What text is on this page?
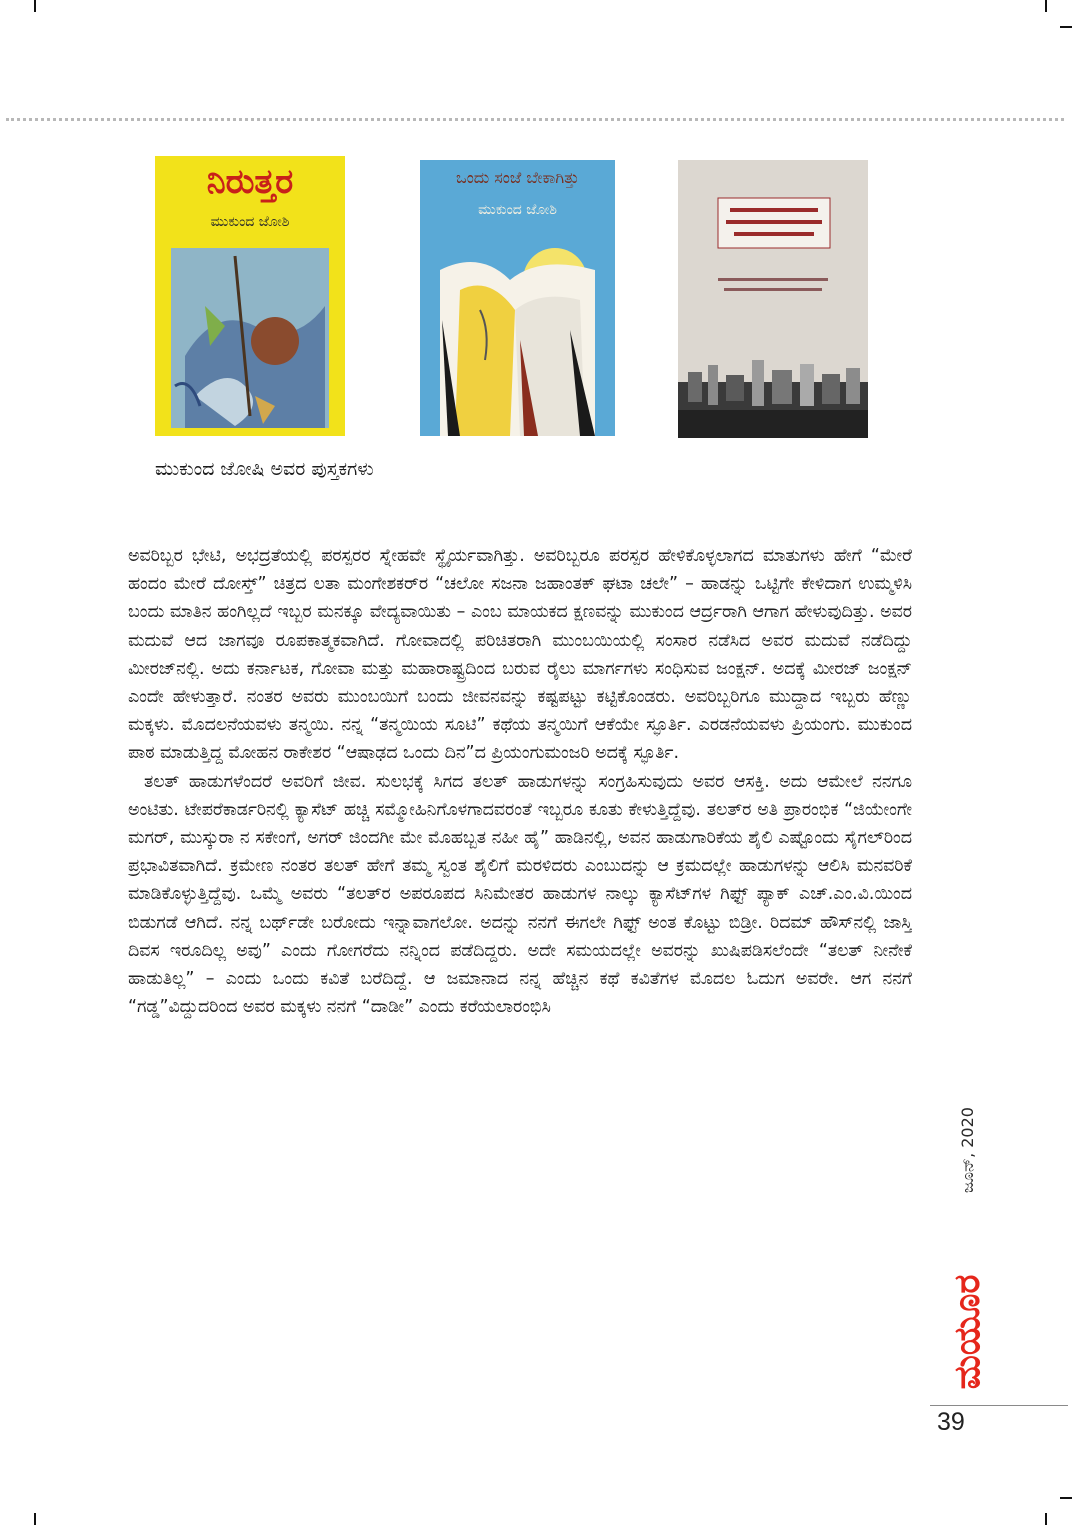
ನಿರುತ್ತರ
ಮುಕುಂದ ಜೋಶಿ
ಒಂದು ಸಂಜೆ ಬೇಕಾಗಿತ್ತು
ಮುಕುಂದ ಜೋಶಿ
ಮುಕುಂದ ಜೋಷಿ ಅವರ ಪುಸ್ತಕಗಳು

ಅವರಿಬ್ಬರ ಭೇಟಿ, ಅಭದ್ರತೆಯಲ್ಲಿ ಪರಸ್ಪರರ ಸ್ನೇಹವೇ ಸ್ಥೈರ್ಯವಾಗಿತ್ತು. ಅವರಿಬ್ಬರೂ ಪರಸ್ಪರ ಹೇಳಿಕೊಳ್ಳಲಾಗದ ಮಾತುಗಳು ಹೇಗೆ “ಮೇರೆ ಹಂದಂ ಮೇರೆ ದೋಸ್ತ್” ಚಿತ್ರದ ಲತಾ ಮಂಗೇಶಕರ್‌ರ “ಚಲೋ ಸಜನಾ ಜಹಾಂತಕ್ ಘಟಾ ಚಲೇ” – ಹಾಡನ್ನು ಒಟ್ಟಿಗೇ ಕೇಳಿದಾಗ ಉಮ್ಮಳಿಸಿ ಬಂದು ಮಾತಿನ ಹಂಗಿಲ್ಲದೆ ಇಬ್ಬರ ಮನಕ್ಕೂ ವೇದ್ಯವಾಯಿತು – ಎಂಬ ಮಾಯಕದ ಕ್ಷಣವನ್ನು ಮುಕುಂದ ಆರ್ದ್ರರಾಗಿ ಆಗಾಗ ಹೇಳುವುದಿತ್ತು. ಅವರ ಮದುವೆ ಆದ ಜಾಗವೂ ರೂಪಕಾತ್ಮಕವಾಗಿದೆ. ಗೋವಾದಲ್ಲಿ ಪರಿಚಿತರಾಗಿ ಮುಂಬಯಿಯಲ್ಲಿ ಸಂಸಾರ ನಡೆಸಿದ ಅವರ ಮದುವೆ ನಡೆದಿದ್ದು ಮೀರಜ್‌ನಲ್ಲಿ. ಅದು ಕರ್ನಾಟಕ, ಗೋವಾ ಮತ್ತು ಮಹಾರಾಷ್ಟ್ರದಿಂದ ಬರುವ ರೈಲು ಮಾರ್ಗಗಳು ಸಂಧಿಸುವ ಜಂಕ್ಷನ್. ಅದಕ್ಕೆ ಮೀರಜ್ ಜಂಕ್ಷನ್ ಎಂದೇ ಹೇಳುತ್ತಾರೆ. ನಂತರ ಅವರು ಮುಂಬಯಿಗೆ ಬಂದು ಜೀವನವನ್ನು ಕಷ್ಟಪಟ್ಟು ಕಟ್ಟಿಕೊಂಡರು. ಅವರಿಬ್ಬರಿಗೂ ಮುದ್ದಾದ ಇಬ್ಬರು ಹೆಣ್ಣು ಮಕ್ಕಳು. ಮೊದಲನೆಯವಳು ತನ್ಮಯಿ. ನನ್ನ “ತನ್ಮಯಿಯ ಸೂಟಿ” ಕಥೆಯ ತನ್ಮಯಿಗೆ ಆಕೆಯೇ ಸ್ಫೂರ್ತಿ. ಎರಡನೆಯವಳು ಪ್ರಿಯಂಗು. ಮುಕುಂದ ಪಾಠ ಮಾಡುತ್ತಿದ್ದ ಮೋಹನ ರಾಕೇಶರ “ಆಷಾಢದ ಒಂದು ದಿನ”ದ ಪ್ರಿಯಂಗುಮಂಜರಿ ಅದಕ್ಕೆ ಸ್ಫೂರ್ತಿ.

ತಲತ್ ಹಾಡುಗಳೆಂದರೆ ಅವರಿಗೆ ಜೀವ. ಸುಲಭಕ್ಕೆ ಸಿಗದ ತಲತ್ ಹಾಡುಗಳನ್ನು ಸಂಗ್ರಹಿಸುವುದು ಅವರ ಆಸಕ್ತಿ. ಅದು ಆಮೇಲೆ ನನಗೂ ಅಂಟಿತು. ಟೇಪರೆಕಾರ್ಡರಿನಲ್ಲಿ ಕ್ಯಾಸೆಟ್ ಹಚ್ಚಿ ಸಮ್ಮೋಹಿನಿಗೊಳಗಾದವರಂತೆ ಇಬ್ಬರೂ ಕೂತು ಕೇಳುತ್ತಿದ್ದೆವು. ತಲತ್‌ರ ಅತಿ ಪ್ರಾರಂಭಿಕ “ಜಿಯೇಂಗೇ ಮಗರ್, ಮುಸ್ಕುರಾ ನ ಸಕೇಂಗೆ, ಅಗರ್ ಜಿಂದಗೀ ಮೇ ಮೊಹಬ್ಬತ ನಹೀ ಹೈ” ಹಾಡಿನಲ್ಲಿ, ಅವನ ಹಾಡುಗಾರಿಕೆಯ ಶೈಲಿ ಎಷ್ಟೊಂದು ಸೈಗಲ್‌ರಿಂದ ಪ್ರಭಾವಿತವಾಗಿದೆ. ಕ್ರಮೇಣ ನಂತರ ತಲತ್ ಹೇಗೆ ತಮ್ಮ ಸ್ವಂತ ಶೈಲಿಗೆ ಮರಳಿದರು ಎಂಬುದನ್ನು ಆ ಕ್ರಮದಲ್ಲೇ ಹಾಡುಗಳನ್ನು ಆಲಿಸಿ ಮನವರಿಕೆ ಮಾಡಿಕೊಳ್ಳುತ್ತಿದ್ದೆವು. ಒಮ್ಮೆ ಅವರು “ತಲತ್‌ರ ಅಪರೂಪದ ಸಿನಿಮೇತರ ಹಾಡುಗಳ ನಾಲ್ಕು ಕ್ಯಾಸೆಟ್‌ಗಳ ಗಿಫ್ಟ್ ಪ್ಯಾಕ್ ಎಚ್.ಎಂ.ವಿ.ಯಿಂದ ಬಿಡುಗಡೆ ಆಗಿದೆ. ನನ್ನ ಬರ್ಥ್‌ಡೇ ಬರೋದು ಇನ್ನಾವಾಗಲೋ. ಅದನ್ನು ನನಗೆ ಈಗಲೇ ಗಿಫ್ಟ್ ಅಂತ ಕೊಟ್ಟು ಬಿಡ್ರೀ. ರಿದಮ್ ಹೌಸ್‌ನಲ್ಲಿ ಜಾಸ್ತಿ ದಿವಸ ಇರೂದಿಲ್ಲ ಅವು” ಎಂದು ಗೋಗರೆದು ನನ್ನಿಂದ ಪಡೆದಿದ್ದರು. ಅದೇ ಸಮಯದಲ್ಲೇ ಅವರನ್ನು ಖುಷಿಪಡಿಸಲೆಂದೇ “ತಲತ್ ನೀನೇಕೆ ಹಾಡುತಿಲ್ಲ” – ಎಂದು ಒಂದು ಕವಿತೆ ಬರೆದಿದ್ದೆ. ಆ ಜಮಾನಾದ ನನ್ನ ಹೆಚ್ಚಿನ ಕಥೆ ಕವಿತೆಗಳ ಮೊದಲ ಓದುಗ ಅವರೇ. ಆಗ ನನಗೆ “ಗಡ್ಡ”ವಿದ್ದುದರಿಂದ ಅವರ ಮಕ್ಕಳು ನನಗೆ “ದಾಡೀ” ಎಂದು ಕರೆಯಲಾರಂಭಿಸಿ

ಜೂನ್, 2020
ಮಯೂರ
39
